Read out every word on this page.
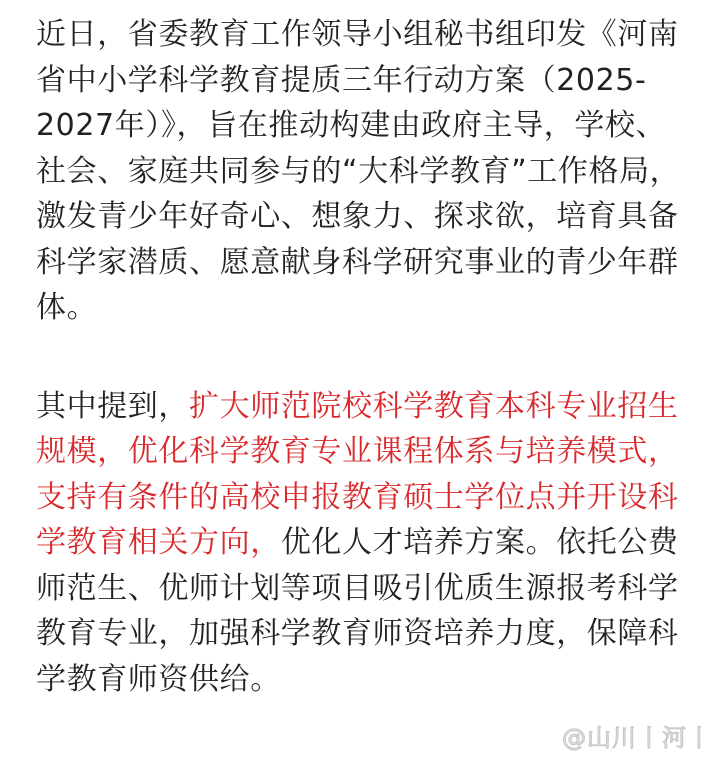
近日，省委教育工作领导小组秘书组印发《河南省中小学科学教育提质三年行动方案（2025-2027年）》，旨在推动构建由政府主导，学校、社会、家庭共同参与的“大科学教育”工作格局，激发青少年好奇心、想象力、探求欲，培育具备科学家潜质、愿意献身科学研究事业的青少年群体。

其中提到，扩大师范院校科学教育本科专业招生规模，优化科学教育专业课程体系与培养模式，支持有条件的高校申报教育硕士学位点并开设科学教育相关方向，优化人才培养方案。依托公费师范生、优师计划等项目吸引优质生源报考科学教育专业，加强科学教育师资培养力度，保障科学教育师资供给。

@山川丨河丨
